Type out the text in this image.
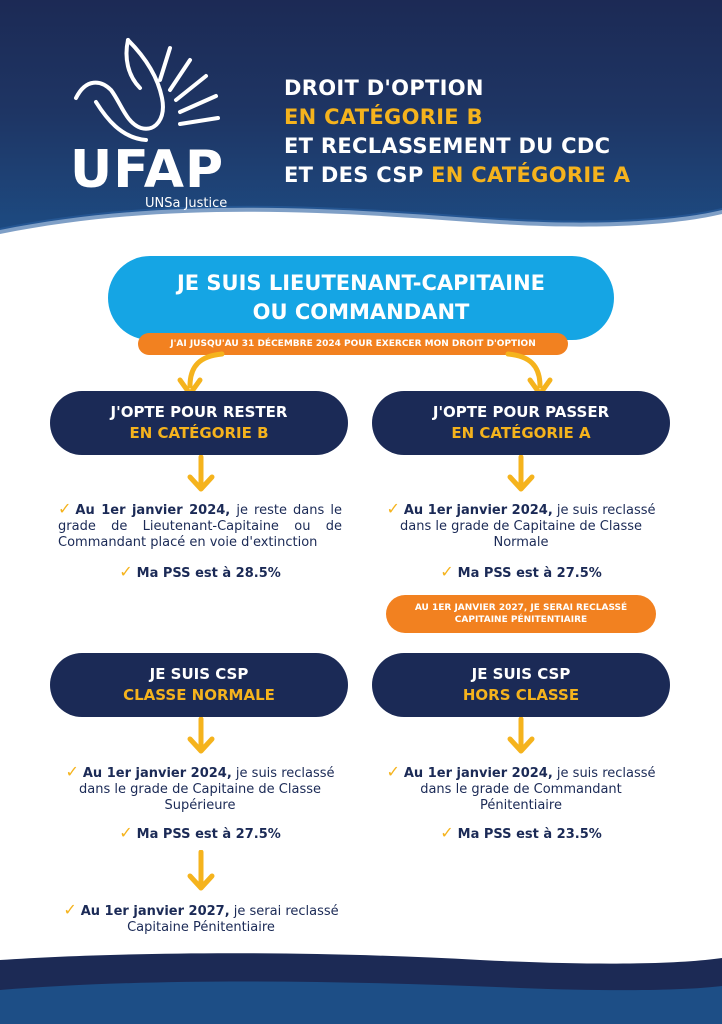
UFAP
UNSa Justice
DROIT D'OPTION
EN CATÉGORIE B
ET RECLASSEMENT DU CDC
ET DES CSP EN CATÉGORIE A
JE SUIS LIEUTENANT-CAPITAINE
OU COMMANDANT
J'AI JUSQU'AU 31 DÉCEMBRE 2024 POUR EXERCER MON DROIT D'OPTION
J'OPTE POUR RESTER
EN CATÉGORIE B
J'OPTE POUR PASSER
EN CATÉGORIE A
✓ Au 1er janvier 2024, je reste dans le grade de Lieutenant-Capitaine ou de Commandant placé en voie d'extinction
✓ Ma PSS est à 28.5%
✓ Au 1er janvier 2024, je suis reclassé dans le grade de Capitaine de Classe Normale
✓ Ma PSS est à 27.5%
AU 1ER JANVIER 2027, JE SERAI RECLASSÉ CAPITAINE PÉNITENTIAIRE
JE SUIS CSP
CLASSE NORMALE
JE SUIS CSP
HORS CLASSE
✓ Au 1er janvier 2024, je suis reclassé dans le grade de Capitaine de Classe Supérieure
✓ Ma PSS est à 27.5%
✓ Au 1er janvier 2027, je serai reclassé Capitaine Pénitentiaire
✓ Au 1er janvier 2024, je suis reclassé dans le grade de Commandant Pénitentiaire
✓ Ma PSS est à 23.5%
